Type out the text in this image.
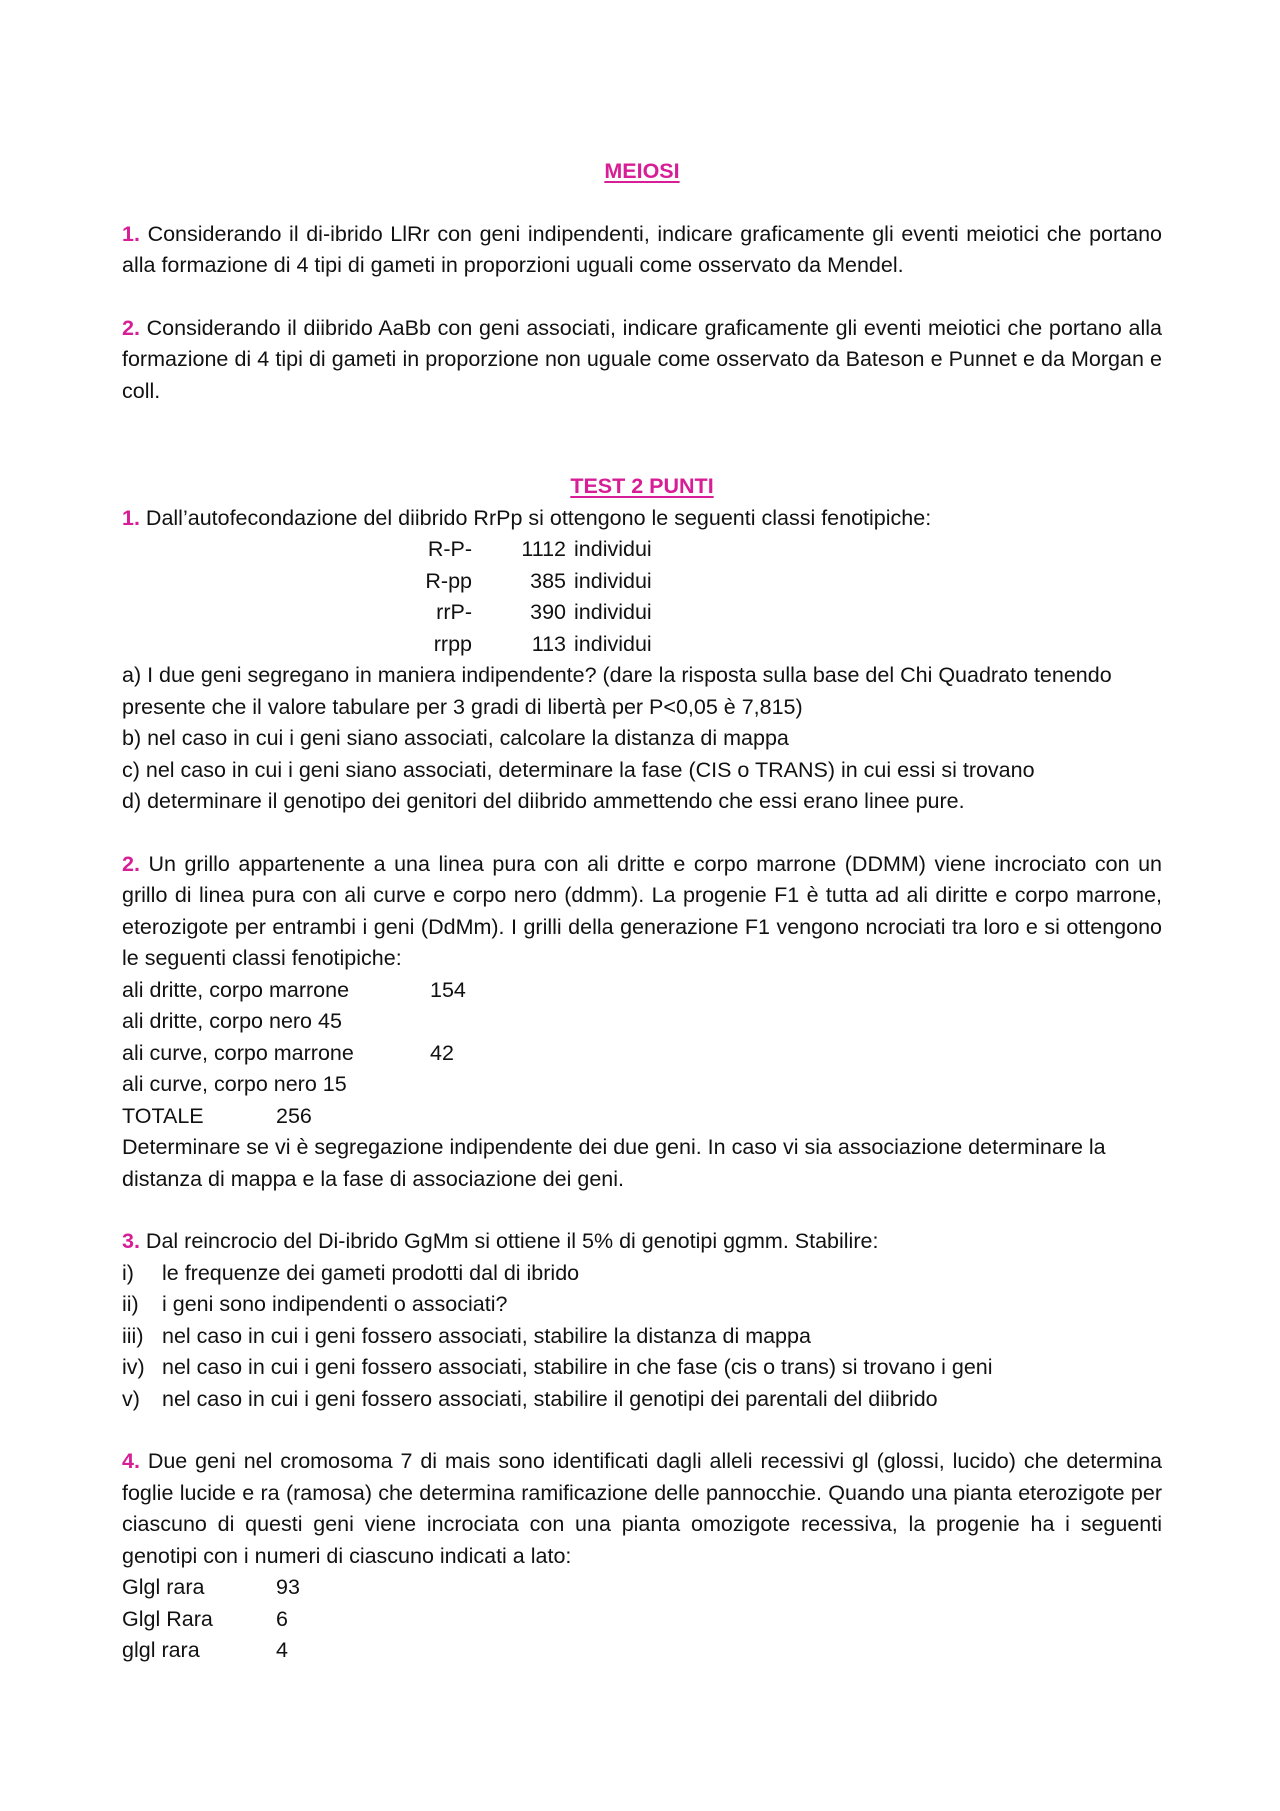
MEIOSI

1. Considerando il di-ibrido LlRr con geni indipendenti, indicare graficamente gli eventi meiotici che portano alla formazione di 4 tipi di gameti in proporzioni uguali come osservato da Mendel.

2. Considerando il diibrido AaBb con geni associati, indicare graficamente gli eventi meiotici che portano alla formazione di 4 tipi di gameti in proporzione non uguale come osservato da Bateson e Punnet e da Morgan e coll.

TEST 2 PUNTI

1. Dall’autofecondazione del diibrido RrPp si ottengono le seguenti classi fenotipiche:

R-P-	1112 individui
R-pp	385 individui
rrP-	390 individui
rrpp	113 individui

a) I due geni segregano in maniera indipendente? (dare la risposta sulla base del Chi Quadrato tenendo presente che il valore tabulare per 3 gradi di libertà per P<0,05 è 7,815)

b) nel caso in cui i geni siano associati, calcolare la distanza di mappa

c) nel caso in cui i geni siano associati, determinare la fase (CIS o TRANS) in cui essi si trovano

d) determinare il genotipo dei genitori del diibrido ammettendo che essi erano linee pure.

2. Un grillo appartenente a una linea pura con ali dritte e corpo marrone (DDMM) viene incrociato con un grillo di linea pura con ali curve e corpo nero (ddmm). La progenie F1 è tutta ad ali diritte e corpo marrone, eterozigote per entrambi i geni (DdMm). I grilli della generazione F1 vengono ncrociati tra loro e si ottengono le seguenti classi fenotipiche:

ali dritte, corpo marrone	154
ali dritte, corpo nero 45
ali curve, corpo marrone	42
ali curve, corpo nero 15
TOTALE	256

Determinare se vi è segregazione indipendente dei due geni. In caso vi sia associazione determinare la distanza di mappa e la fase di associazione dei geni.

3. Dal reincrocio del Di-ibrido GgMm si ottiene il 5% di genotipi ggmm. Stabilire:

i)	le frequenze dei gameti prodotti dal di ibrido
ii)	i geni sono indipendenti o associati?
iii) nel caso in cui i geni fossero associati, stabilire la distanza di mappa
iv) nel caso in cui i geni fossero associati, stabilire in che fase (cis o trans) si trovano i geni
v)	nel caso in cui i geni fossero associati, stabilire il genotipi dei parentali del diibrido

4. Due geni nel cromosoma 7 di mais sono identificati dagli alleli recessivi gl (glossi, lucido) che determina foglie lucide e ra (ramosa) che determina ramificazione delle pannocchie. Quando una pianta eterozigote per ciascuno di questi geni viene incrociata con una pianta omozigote recessiva, la progenie ha i seguenti genotipi con i numeri di ciascuno indicati a lato:

Glgl rara	93
Glgl Rara	6
glgl rara	4
